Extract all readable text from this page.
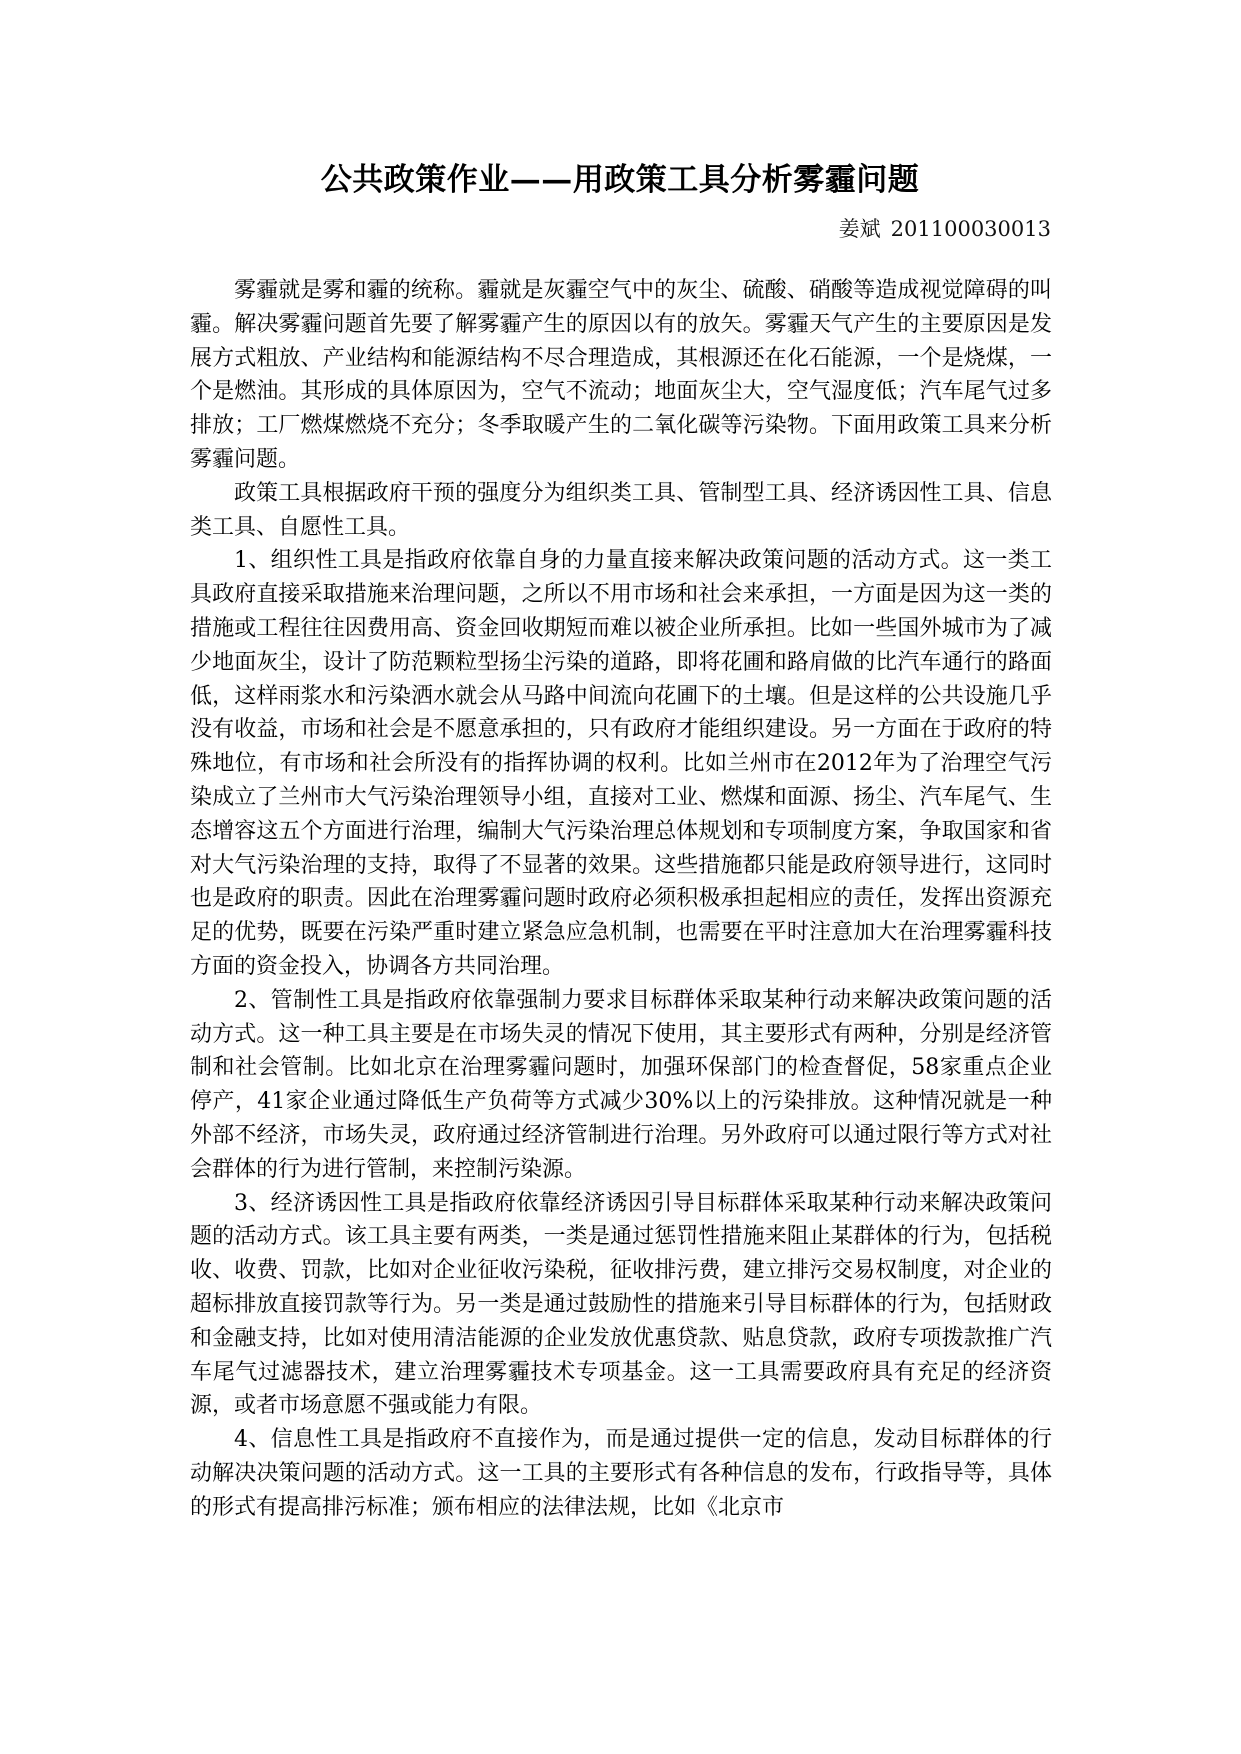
公共政策作业——用政策工具分析雾霾问题
姜斌 201100030013

雾霾就是雾和霾的统称。霾就是灰霾空气中的灰尘、硫酸、硝酸等造成视觉障碍的叫霾。解决雾霾问题首先要了解雾霾产生的原因以有的放矢。雾霾天气产生的主要原因是发展方式粗放、产业结构和能源结构不尽合理造成，其根源还在化石能源，一个是烧煤，一个是燃油。其形成的具体原因为，空气不流动；地面灰尘大，空气湿度低；汽车尾气过多排放；工厂燃煤燃烧不充分；冬季取暖产生的二氧化碳等污染物。下面用政策工具来分析雾霾问题。

政策工具根据政府干预的强度分为组织类工具、管制型工具、经济诱因性工具、信息类工具、自愿性工具。

1、组织性工具是指政府依靠自身的力量直接来解决政策问题的活动方式。这一类工具政府直接采取措施来治理问题，之所以不用市场和社会来承担，一方面是因为这一类的措施或工程往往因费用高、资金回收期短而难以被企业所承担。比如一些国外城市为了减少地面灰尘，设计了防范颗粒型扬尘污染的道路，即将花圃和路肩做的比汽车通行的路面低，这样雨浆水和污染洒水就会从马路中间流向花圃下的土壤。但是这样的公共设施几乎没有收益，市场和社会是不愿意承担的，只有政府才能组织建设。另一方面在于政府的特殊地位，有市场和社会所没有的指挥协调的权利。比如兰州市在2012年为了治理空气污染成立了兰州市大气污染治理领导小组，直接对工业、燃煤和面源、扬尘、汽车尾气、生态增容这五个方面进行治理，编制大气污染治理总体规划和专项制度方案，争取国家和省对大气污染治理的支持，取得了不显著的效果。这些措施都只能是政府领导进行，这同时也是政府的职责。因此在治理雾霾问题时政府必须积极承担起相应的责任，发挥出资源充足的优势，既要在污染严重时建立紧急应急机制，也需要在平时注意加大在治理雾霾科技方面的资金投入，协调各方共同治理。

2、管制性工具是指政府依靠强制力要求目标群体采取某种行动来解决政策问题的活动方式。这一种工具主要是在市场失灵的情况下使用，其主要形式有两种，分别是经济管制和社会管制。比如北京在治理雾霾问题时，加强环保部门的检查督促，58家重点企业停产，41家企业通过降低生产负荷等方式减少30%以上的污染排放。这种情况就是一种外部不经济，市场失灵，政府通过经济管制进行治理。另外政府可以通过限行等方式对社会群体的行为进行管制，来控制污染源。

3、经济诱因性工具是指政府依靠经济诱因引导目标群体采取某种行动来解决政策问题的活动方式。该工具主要有两类，一类是通过惩罚性措施来阻止某群体的行为，包括税收、收费、罚款，比如对企业征收污染税，征收排污费，建立排污交易权制度，对企业的超标排放直接罚款等行为。另一类是通过鼓励性的措施来引导目标群体的行为，包括财政和金融支持，比如对使用清洁能源的企业发放优惠贷款、贴息贷款，政府专项拨款推广汽车尾气过滤器技术，建立治理雾霾技术专项基金。这一工具需要政府具有充足的经济资源，或者市场意愿不强或能力有限。

4、信息性工具是指政府不直接作为，而是通过提供一定的信息，发动目标群体的行动解决决策问题的活动方式。这一工具的主要形式有各种信息的发布，行政指导等，具体的形式有提高排污标准；颁布相应的法律法规，比如《北京市
